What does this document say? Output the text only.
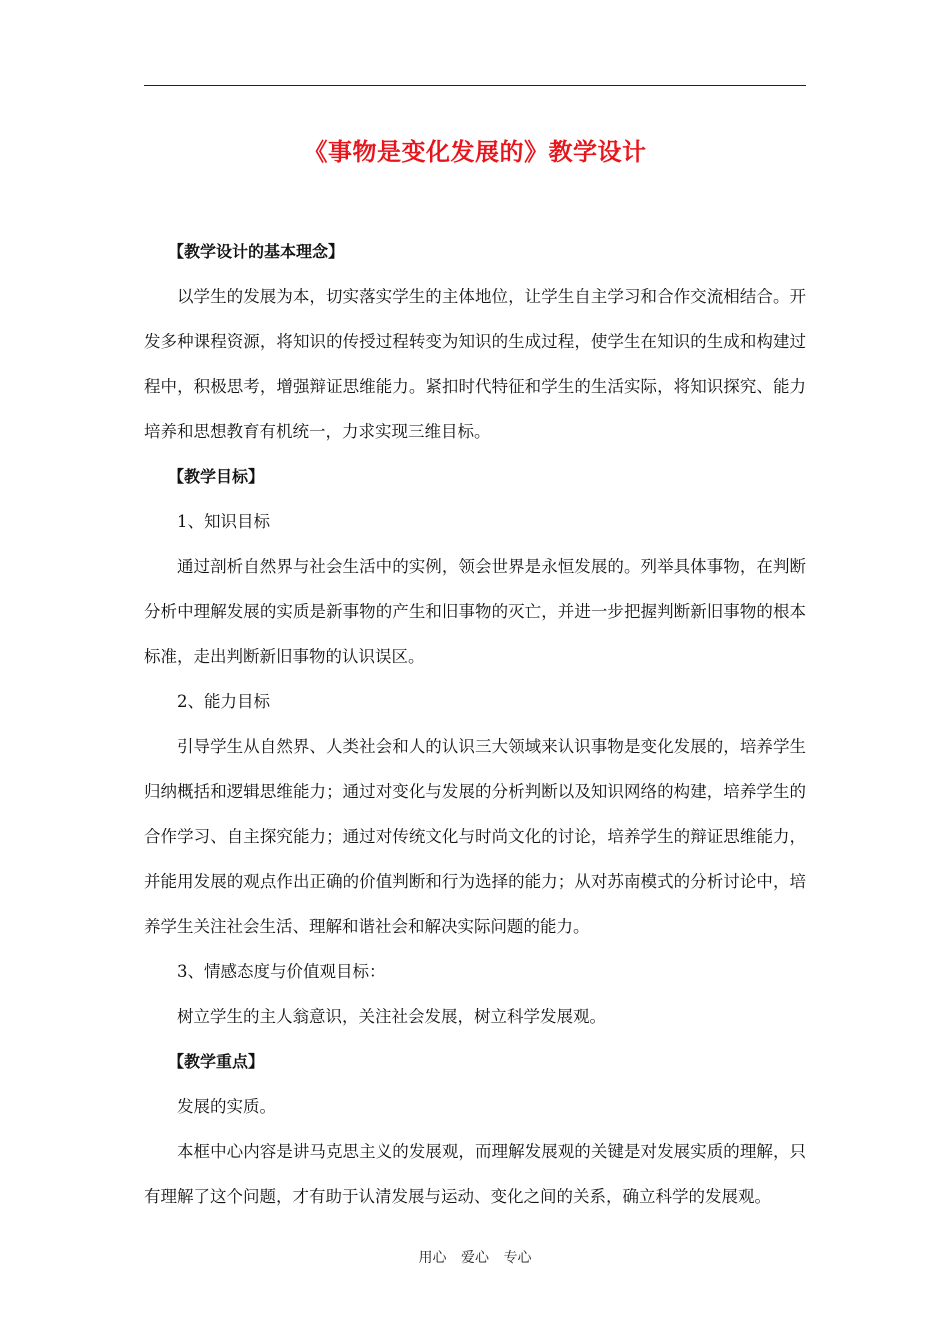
《事物是变化发展的》教学设计

【教学设计的基本理念】

以学生的发展为本，切实落实学生的主体地位，让学生自主学习和合作交流相结合。开发多种课程资源，将知识的传授过程转变为知识的生成过程，使学生在知识的生成和构建过程中，积极思考，增强辩证思维能力。紧扣时代特征和学生的生活实际，将知识探究、能力培养和思想教育有机统一，力求实现三维目标。

【教学目标】

1、知识目标

通过剖析自然界与社会生活中的实例，领会世界是永恒发展的。列举具体事物，在判断分析中理解发展的实质是新事物的产生和旧事物的灭亡，并进一步把握判断新旧事物的根本标准，走出判断新旧事物的认识误区。

2、能力目标

引导学生从自然界、人类社会和人的认识三大领域来认识事物是变化发展的，培养学生归纳概括和逻辑思维能力；通过对变化与发展的分析判断以及知识网络的构建，培养学生的合作学习、自主探究能力；通过对传统文化与时尚文化的讨论，培养学生的辩证思维能力，并能用发展的观点作出正确的价值判断和行为选择的能力；从对苏南模式的分析讨论中，培养学生关注社会生活、理解和谐社会和解决实际问题的能力。

3、情感态度与价值观目标：

树立学生的主人翁意识，关注社会发展，树立科学发展观。

【教学重点】

发展的实质。

本框中心内容是讲马克思主义的发展观，而理解发展观的关键是对发展实质的理解，只有理解了这个问题，才有助于认清发展与运动、变化之间的关系，确立科学的发展观。

用心 爱心 专心
